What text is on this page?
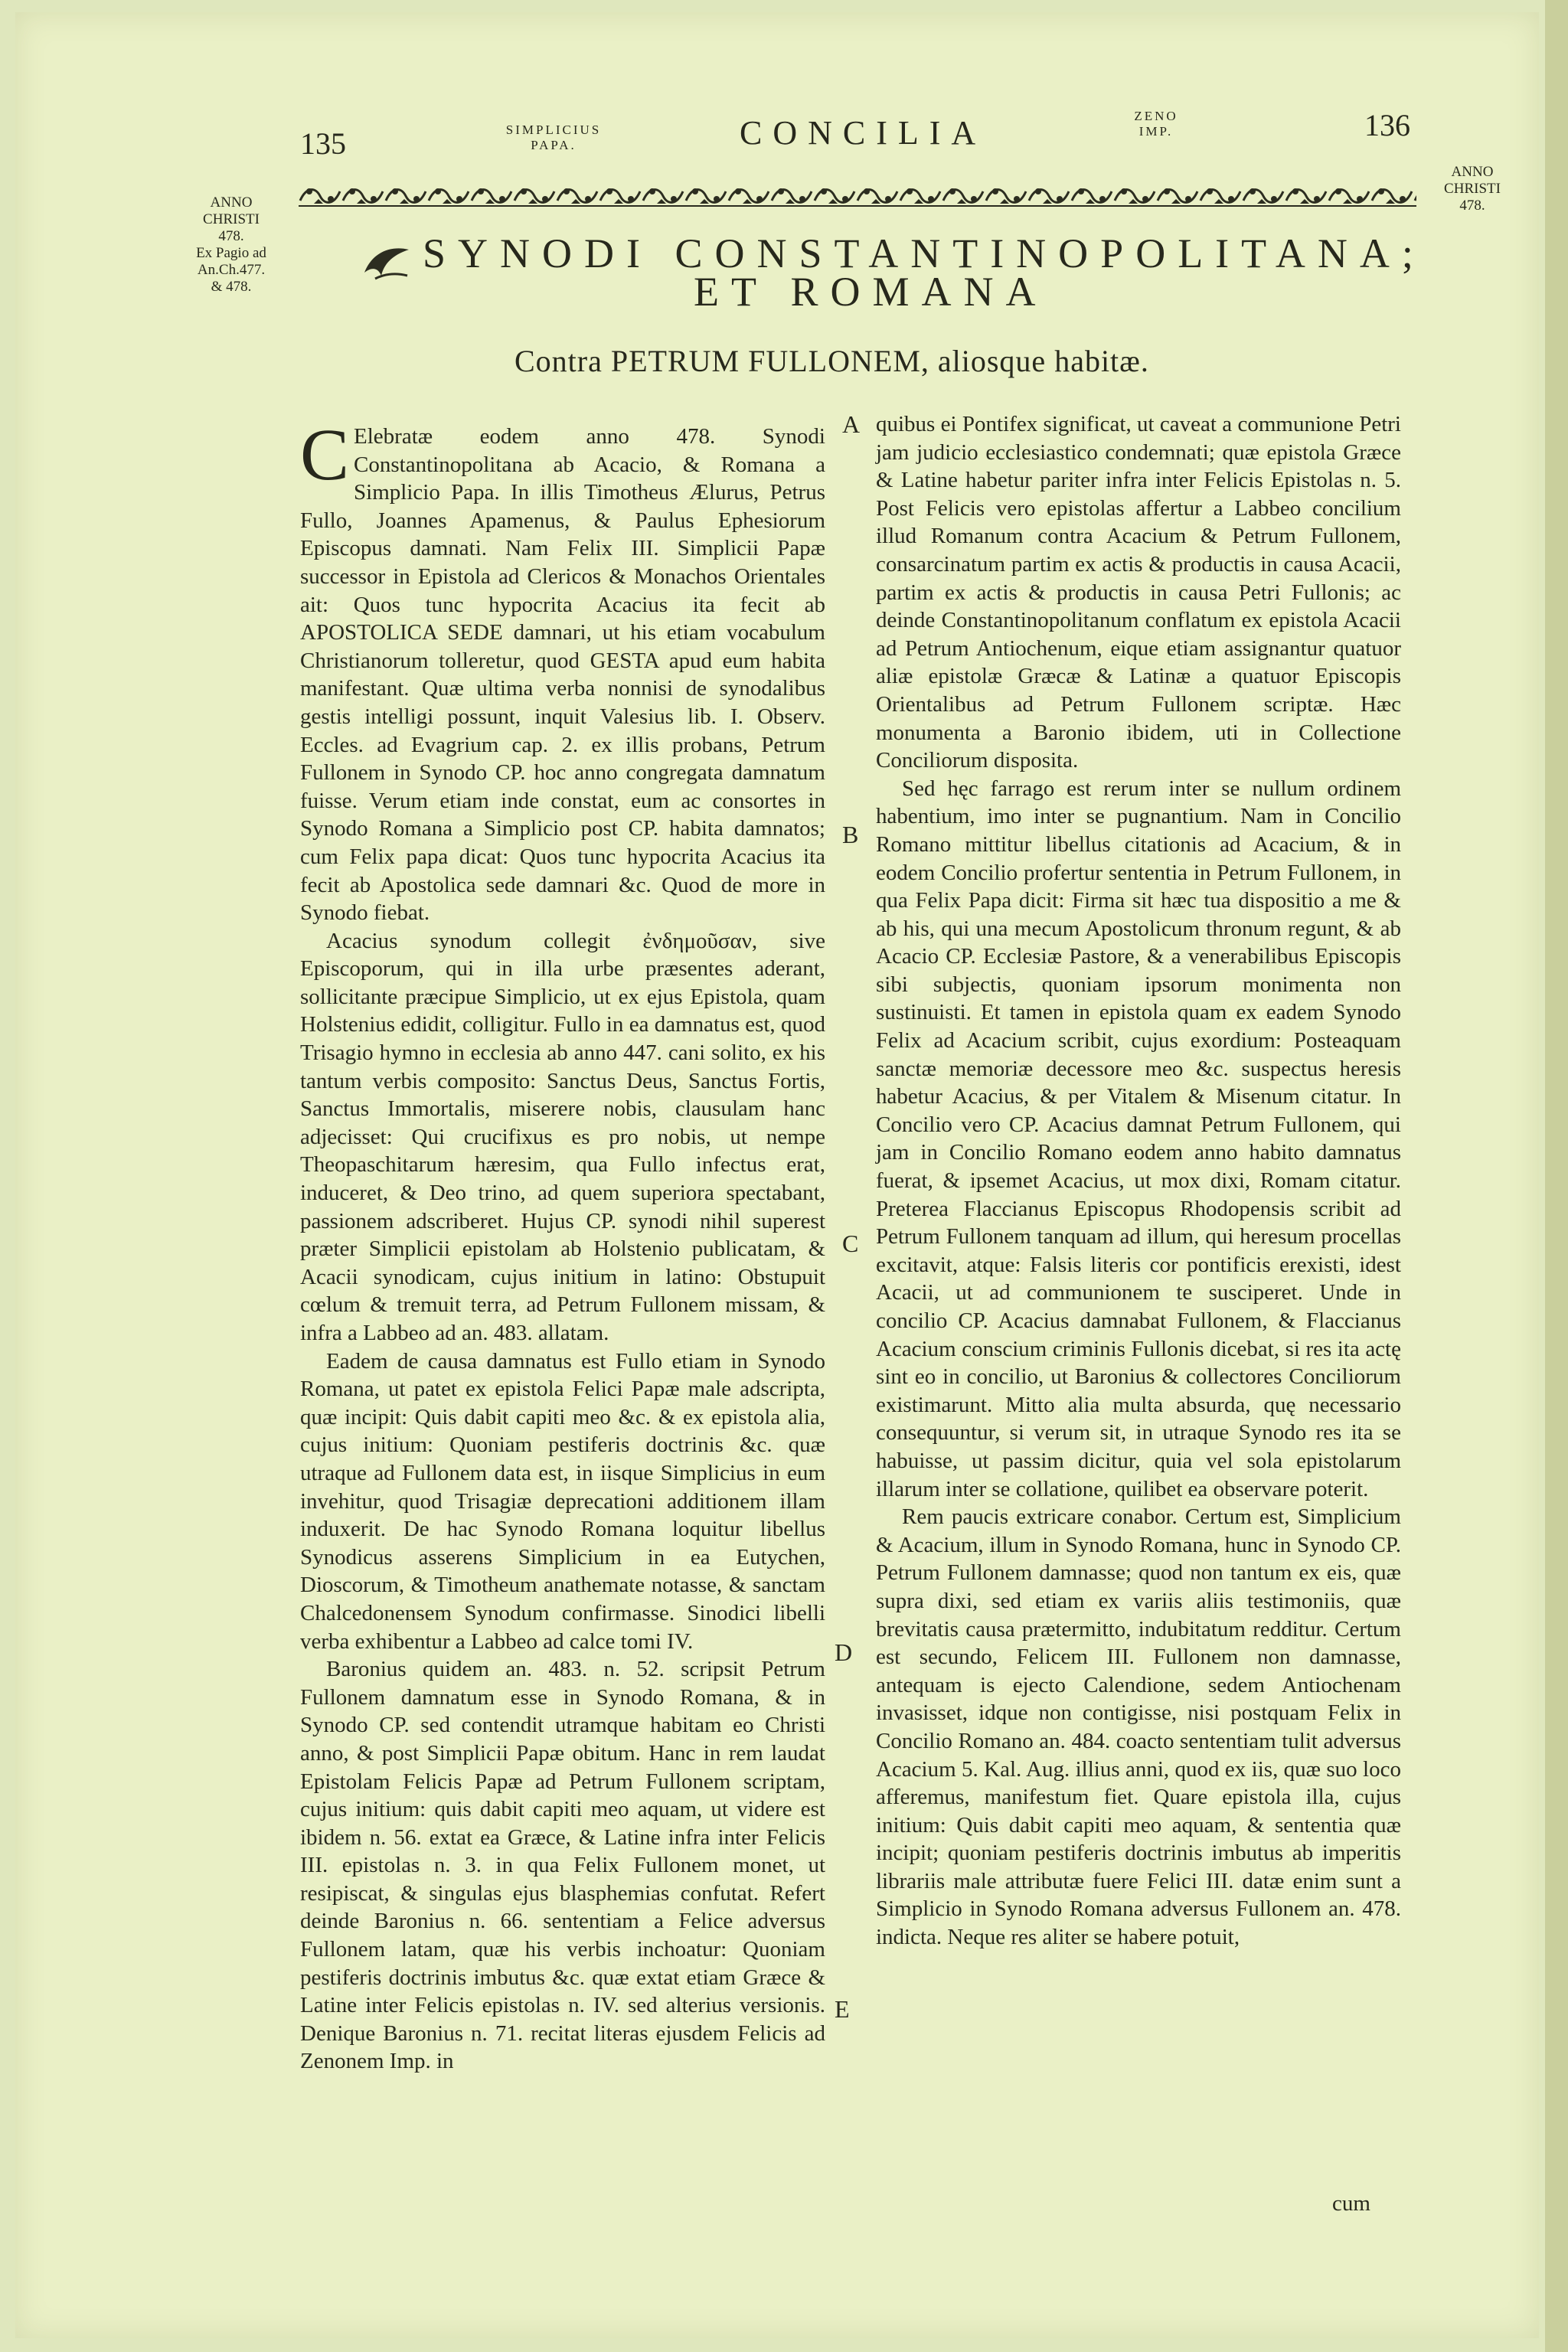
135	SIMPLICIUS
PAPA.	CONCILIA	ZENO
IMP.	136
ANNO
CHRISTI
478.
Ex Pagio ad
An.Ch.477.
& 478.
ANNO
CHRISTI
478.
SYNODI CONSTANTINOPOLITANA;
ET ROMANA
Contra PETRUM FULLONEM, aliosque habitæ.

C Elebratæ eodem anno 478. Synodi Constantinopolitana ab Acacio, & Romana a Simplicio Papa. In illis Timotheus Ælurus, Petrus Fullo, Joannes Apamenus, & Paulus Ephesiorum Episcopus damnati. Nam Felix III. Simplicii Papæ successor in Epistola ad Clericos & Monachos Orientales ait: Quos tunc hypocrita Acacius ita fecit ab APOSTOLICA SEDE damnari, ut his etiam vocabulum Christianorum tolleretur, quod GESTA apud eum habita manifestant. Quæ ultima verba nonnisi de synodalibus gestis intelligi possunt, inquit Valesius lib. I. Observ. Eccles. ad Evagrium cap. 2. ex illis probans, Petrum Fullonem in Synodo CP. hoc anno congregata damnatum fuisse. Verum etiam inde constat, eum ac consortes in Synodo Romana a Simplicio post CP. habita damnatos; cum Felix papa dicat: Quos tunc hypocrita Acacius ita fecit ab Apostolica sede damnari &c. Quod de more in Synodo fiebat.

Acacius synodum collegit ἐνδημοῦσαν, sive Episcoporum, qui in illa urbe præsentes aderant, sollicitante præcipue Simplicio, ut ex ejus Epistola, quam Holstenius edidit, colligitur. Fullo in ea damnatus est, quod Trisagio hymno in ecclesia ab anno 447. cani solito, ex his tantum verbis composito: Sanctus Deus, Sanctus Fortis, Sanctus Immortalis, miserere nobis, clausulam hanc adjecisset: Qui crucifixus es pro nobis, ut nempe Theopaschitarum hæresim, qua Fullo infectus erat, induceret, & Deo trino, ad quem superiora spectabant, passionem adscriberet. Hujus CP. synodi nihil superest præter Simplicii epistolam ab Holstenio publicatam, & Acacii synodicam, cujus initium in latino: Obstupuit cœlum & tremuit terra, ad Petrum Fullonem missam, & infra a Labbeo ad an. 483. allatam.

Eadem de causa damnatus est Fullo etiam in Synodo Romana, ut patet ex epistola Felici Papæ male adscripta, quæ incipit: Quis dabit capiti meo &c. & ex epistola alia, cujus initium: Quoniam pestiferis doctrinis &c. quæ utraque ad Fullonem data est, in iisque Simplicius in eum invehitur, quod Trisagiæ deprecationi additionem illam induxerit. De hac Synodo Romana loquitur libellus Synodicus asserens Simplicium in ea Eutychen, Dioscorum, & Timotheum anathemate notasse, & sanctam Chalcedonensem Synodum confirmasse. Sinodici libelli verba exhibentur a Labbeo ad calce tomi IV.

Baronius quidem an. 483. n. 52. scripsit Petrum Fullonem damnatum esse in Synodo Romana, & in Synodo CP. sed contendit utramque habitam eo Christi anno, & post Simplicii Papæ obitum. Hanc in rem laudat Epistolam Felicis Papæ ad Petrum Fullonem scriptam, cujus initium: quis dabit capiti meo aquam, ut videre est ibidem n. 56. extat ea Græce, & Latine infra inter Felicis III. epistolas n. 3. in qua Felix Fullonem monet, ut resipiscat, & singulas ejus blasphemias confutat. Refert deinde Baronius n. 66. sententiam a Felice adversus Fullonem latam, quæ his verbis inchoatur: Quoniam pestiferis doctrinis imbutus &c. quæ extat etiam Græce & Latine inter Felicis epistolas n. IV. sed alterius versionis. Denique Baronius n. 71. recitat literas ejusdem Felicis ad Zenonem Imp. in

A
B
C
D
E

quibus ei Pontifex significat, ut caveat a communione Petri jam judicio ecclesiastico condemnati; quæ epistola Græce & Latine habetur pariter infra inter Felicis Epistolas n. 5. Post Felicis vero epistolas affertur a Labbeo concilium illud Romanum contra Acacium & Petrum Fullonem, consarcinatum partim ex actis & productis in causa Acacii, partim ex actis & productis in causa Petri Fullonis; ac deinde Constantinopolitanum conflatum ex epistola Acacii ad Petrum Antiochenum, eique etiam assignantur quatuor aliæ epistolæ Græcæ & Latinæ a quatuor Episcopis Orientalibus ad Petrum Fullonem scriptæ. Hæc monumenta a Baronio ibidem, uti in Collectione Conciliorum disposita.

Sed hęc farrago est rerum inter se nullum ordinem habentium, imo inter se pugnantium. Nam in Concilio Romano mittitur libellus citationis ad Acacium, & in eodem Concilio profertur sententia in Petrum Fullonem, in qua Felix Papa dicit: Firma sit hæc tua dispositio a me & ab his, qui una mecum Apostolicum thronum regunt, & ab Acacio CP. Ecclesiæ Pastore, & a venerabilibus Episcopis sibi subjectis, quoniam ipsorum monimenta non sustinuisti. Et tamen in epistola quam ex eadem Synodo Felix ad Acacium scribit, cujus exordium: Posteaquam sanctæ memoriæ decessore meo &c. suspectus heresis habetur Acacius, & per Vitalem & Misenum citatur. In Concilio vero CP. Acacius damnat Petrum Fullonem, qui jam in Concilio Romano eodem anno habito damnatus fuerat, & ipsemet Acacius, ut mox dixi, Romam citatur. Preterea Flaccianus Episcopus Rhodopensis scribit ad Petrum Fullonem tanquam ad illum, qui heresum procellas excitavit, atque: Falsis literis cor pontificis erexisti, idest Acacii, ut ad communionem te susciperet. Unde in concilio CP. Acacius damnabat Fullonem, & Flaccianus Acacium conscium criminis Fullonis dicebat, si res ita actę sint eo in concilio, ut Baronius & collectores Conciliorum existimarunt. Mitto alia multa absurda, quę necessario consequuntur, si verum sit, in utraque Synodo res ita se habuisse, ut passim dicitur, quia vel sola epistolarum illarum inter se collatione, quilibet ea observare poterit.

Rem paucis extricare conabor. Certum est, Simplicium & Acacium, illum in Synodo Romana, hunc in Synodo CP. Petrum Fullonem damnasse; quod non tantum ex eis, quæ supra dixi, sed etiam ex variis aliis testimoniis, quæ brevitatis causa prætermitto, indubitatum redditur. Certum est secundo, Felicem III. Fullonem non damnasse, antequam is ejecto Calendione, sedem Antiochenam invasisset, idque non contigisse, nisi postquam Felix in Concilio Romano an. 484. coacto sententiam tulit adversus Acacium 5. Kal. Aug. illius anni, quod ex iis, quæ suo loco afferemus, manifestum fiet. Quare epistola illa, cujus initium: Quis dabit capiti meo aquam, & sententia quæ incipit; quoniam pestiferis doctrinis imbutus ab imperitis librariis male attributæ fuere Felici III. datæ enim sunt a Simplicio in Synodo Romana adversus Fullonem an. 478. indicta. Neque res aliter se habere potuit,

cum
